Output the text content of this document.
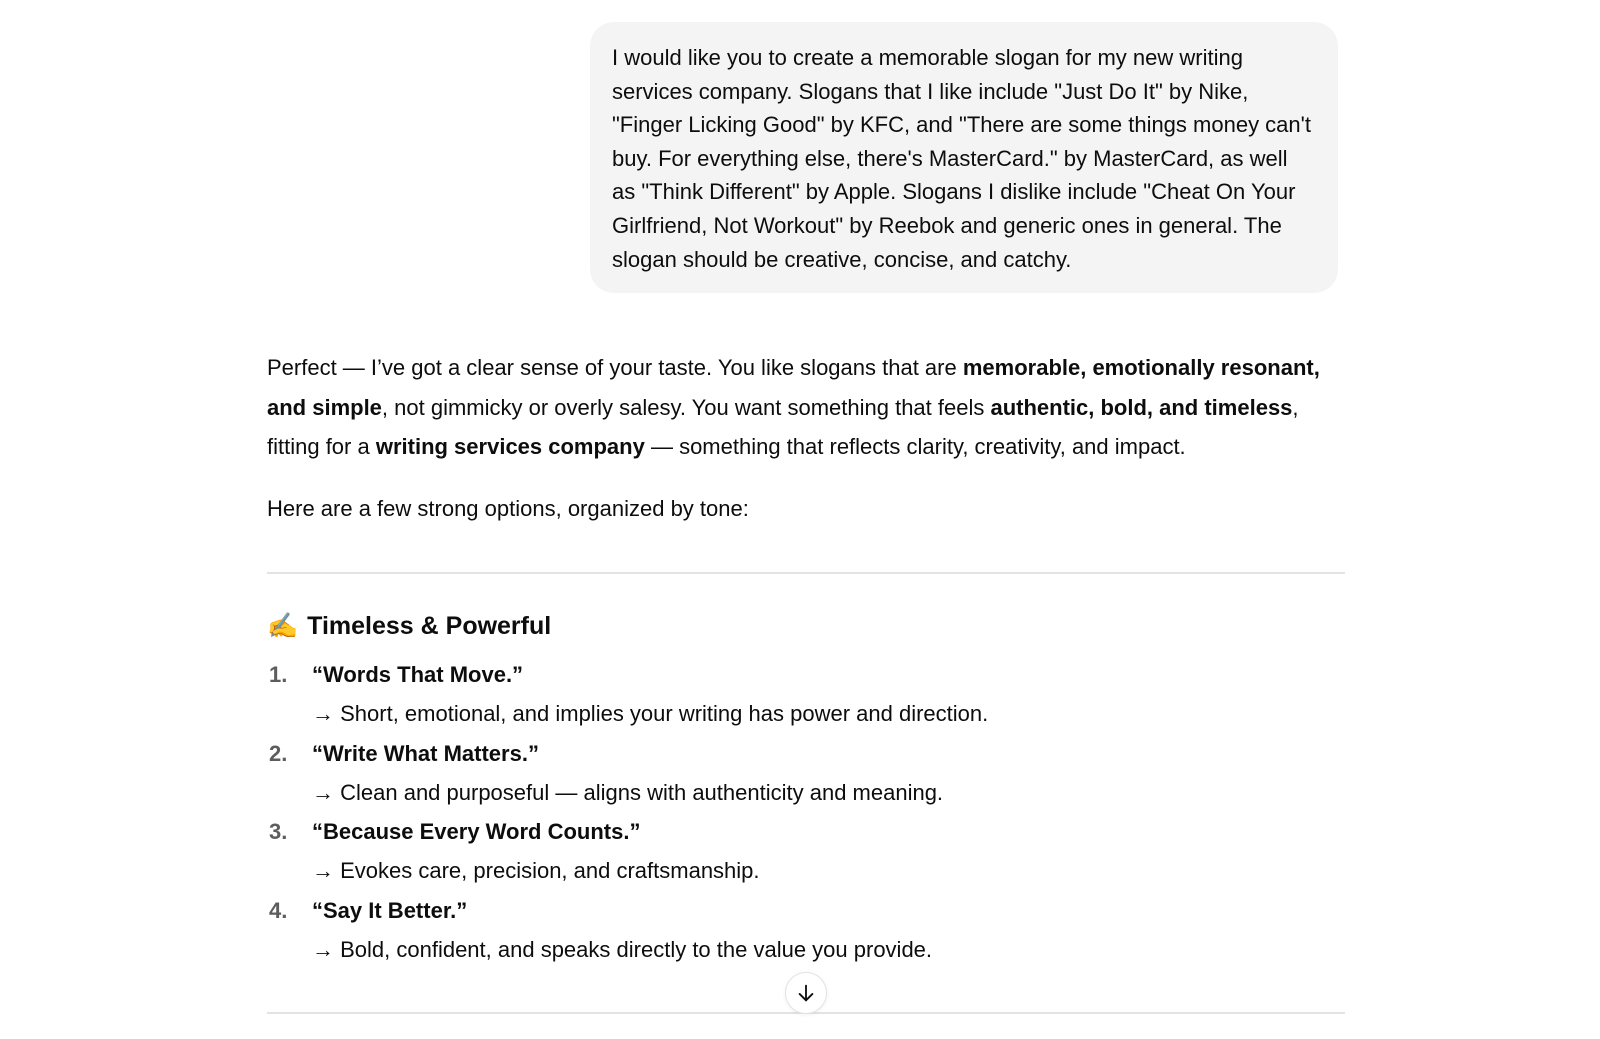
I would like you to create a memorable slogan for my new writing services company. Slogans that I like include "Just Do It" by Nike, "Finger Licking Good" by KFC, and "There are some things money can't buy. For everything else, there's MasterCard." by MasterCard, as well as "Think Different" by Apple. Slogans I dislike include "Cheat On Your Girlfriend, Not Workout" by Reebok and generic ones in general. The slogan should be creative, concise, and catchy.

Perfect — I’ve got a clear sense of your taste. You like slogans that are memorable, emotionally resonant, and simple, not gimmicky or overly salesy. You want something that feels authentic, bold, and timeless, fitting for a writing services company — something that reflects clarity, creativity, and impact.

Here are a few strong options, organized by tone:

✍️ Timeless & Powerful
1. “Words That Move.”
→ Short, emotional, and implies your writing has power and direction.
2. “Write What Matters.”
→ Clean and purposeful — aligns with authenticity and meaning.
3. “Because Every Word Counts.”
→ Evokes care, precision, and craftsmanship.
4. “Say It Better.”
→ Bold, confident, and speaks directly to the value you provide.
